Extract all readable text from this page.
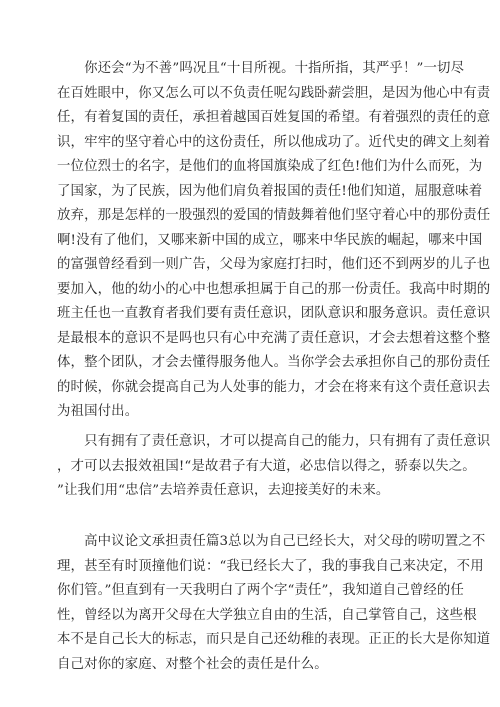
　　你还会“为不善”吗况且“十目所视。十指所指，其严乎！”一切尽
在百姓眼中，你又怎么可以不负责任呢勾践卧薪尝胆，是因为他心中有责
任，有着复国的责任，承担着越国百姓复国的希望。有着强烈的责任的意
识，牢牢的坚守着心中的这份责任，所以他成功了。近代史的碑文上刻着
一位位烈士的名字，是他们的血将国旗染成了红色!他们为什么而死，为
了国家，为了民族，因为他们肩负着报国的责任!他们知道，屈服意味着
放弃，那是怎样的一股强烈的爱国的情鼓舞着他们坚守着心中的那份责任
啊!没有了他们，又哪来新中国的成立，哪来中华民族的崛起，哪来中国
的富强曾经看到一则广告，父母为家庭打扫时，他们还不到两岁的儿子也
要加入，他的幼小的心中也想承担属于自己的那一份责任。我高中时期的
班主任也一直教育者我们要有责任意识，团队意识和服务意识。责任意识
是最根本的意识不是吗也只有心中充满了责任意识，才会去想着这整个整
体，整个团队，才会去懂得服务他人。当你学会去承担你自己的那份责任
的时候，你就会提高自己为人处事的能力，才会在将来有这个责任意识去
为祖国付出。
　　只有拥有了责任意识，才可以提高自己的能力，只有拥有了责任意识
，才可以去报效祖国!“是故君子有大道，必忠信以得之，骄泰以失之。
”让我们用“忠信”去培养责任意识，去迎接美好的未来。
　　高中议论文承担责任篇3总以为自己已经长大，对父母的唠叨置之不
理，甚至有时顶撞他们说：“我已经长大了，我的事我自己来决定，不用
你们管。”但直到有一天我明白了两个字“责任”，我知道自己曾经的任
性，曾经以为离开父母在大学独立自由的生活，自己掌管自己，这些根
本不是自己长大的标志，而只是自己还幼稚的表现。正正的长大是你知道
自己对你的家庭、对整个社会的责任是什么。
